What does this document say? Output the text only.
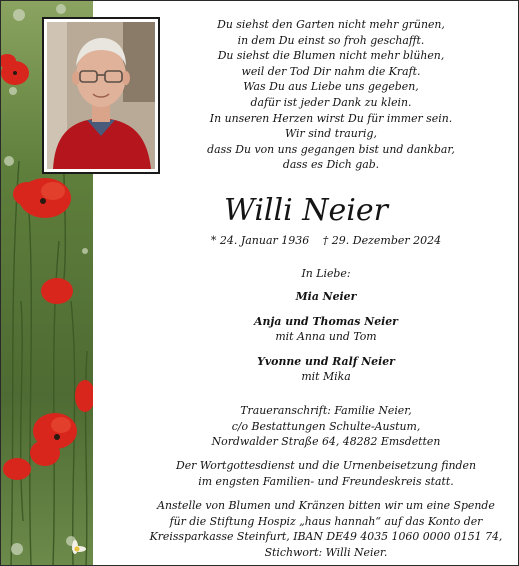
Du siehst den Garten nicht mehr grünen,
in dem Du einst so froh geschafft.
Du siehst die Blumen nicht mehr blühen,
weil der Tod Dir nahm die Kraft.
Was Du aus Liebe uns gegeben,
dafür ist jeder Dank zu klein.
In unseren Herzen wirst Du für immer sein.
Wir sind traurig,
dass Du von uns gegangen bist und dankbar,
dass es Dich gab.
Willi Neier
* 24. Januar 1936 † 29. Dezember 2024
In Liebe:
Mia Neier
Anja und Thomas Neier
mit Anna und Tom
Yvonne und Ralf Neier
mit Mika
Traueranschrift: Familie Neier,
c/o Bestattungen Schulte-Austum,
Nordwalder Straße 64, 48282 Emsdetten
Der Wortgottesdienst und die Urnenbeisetzung finden
im engsten Familien- und Freundeskreis statt.
Anstelle von Blumen und Kränzen bitten wir um eine Spende
für die Stiftung Hospiz „haus hannah“ auf das Konto der
Kreissparkasse Steinfurt, IBAN DE49 4035 1060 0000 0151 74,
Stichwort: Willi Neier.
